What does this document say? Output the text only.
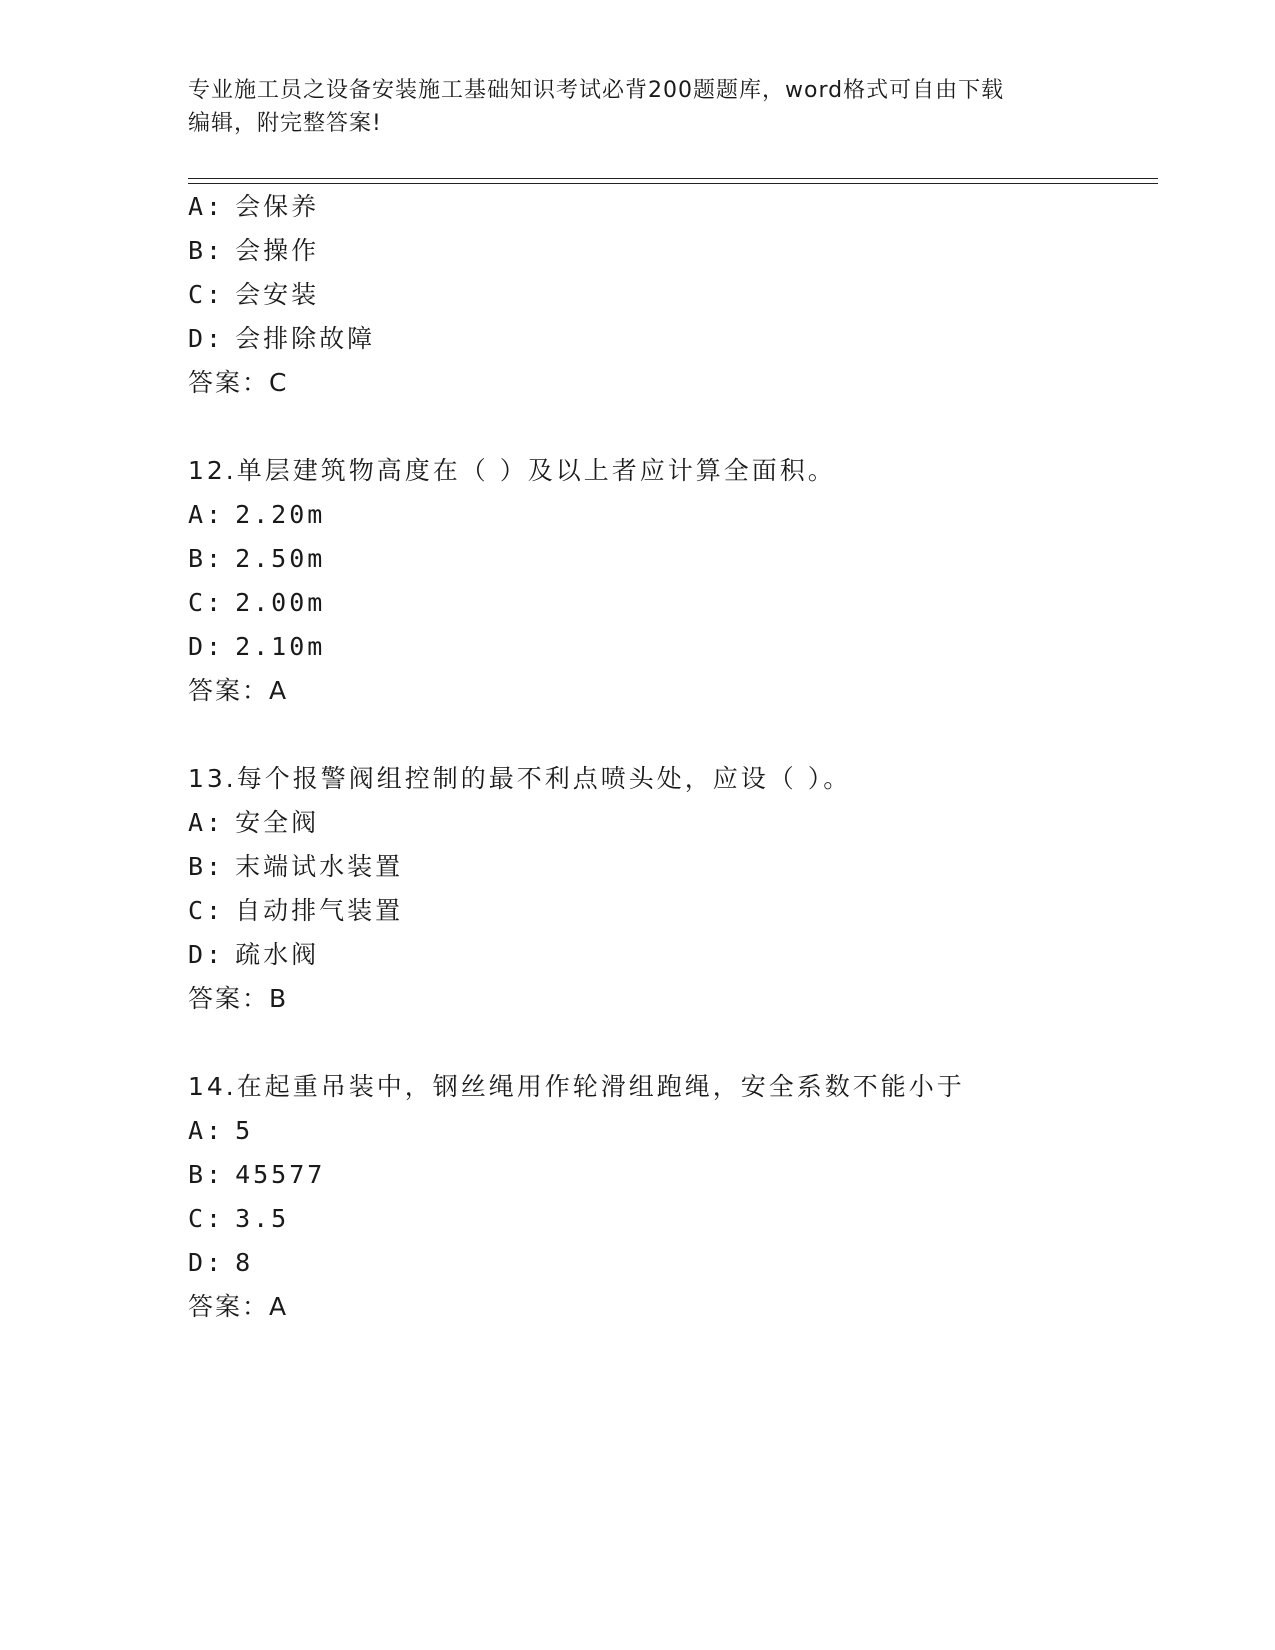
专业施工员之设备安装施工基础知识考试必背200题题库，word格式可自由下载
编辑，附完整答案!
A: 会保养
B: 会操作
C: 会安装
D: 会排除故障
答案：C
12.单层建筑物高度在（ ）及以上者应计算全面积。
A: 2.20m
B: 2.50m
C: 2.00m
D: 2.10m
答案：A
13.每个报警阀组控制的最不利点喷头处，应设（ ）。
A: 安全阀
B: 末端试水装置
C: 自动排气装置
D: 疏水阀
答案：B
14.在起重吊装中，钢丝绳用作轮滑组跑绳，安全系数不能小于
A: 5
B: 45577
C: 3.5
D: 8
答案：A
